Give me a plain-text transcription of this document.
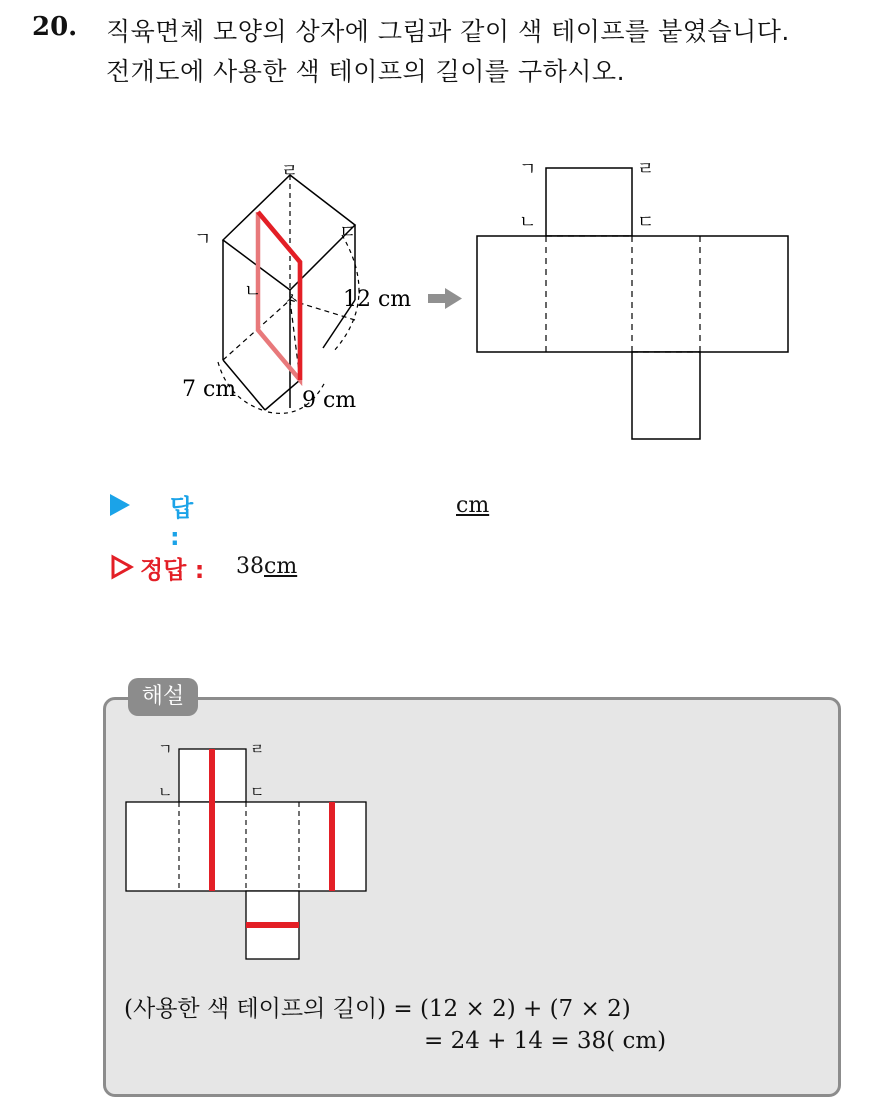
20. 직육면체 모양의 상자에 그림과 같이 색 테이프를 붙였습니다.
전개도에 사용한 색 테이프의 길이를 구하시오.
ㄱ
ㄹ
ㄷ
ㄴ ㅅ 12 cm
7 cm	9 cm
ㄱ	ㄹ
ㄴ	ㄷ
답 :
cm
정답 : 38cm
해설
ㄱ	ㄹ
ㄴ	ㄷ
(사용한 색 테이프의 길이) = (12 × 2) + (7 × 2)
= 24 + 14 = 38( cm)
